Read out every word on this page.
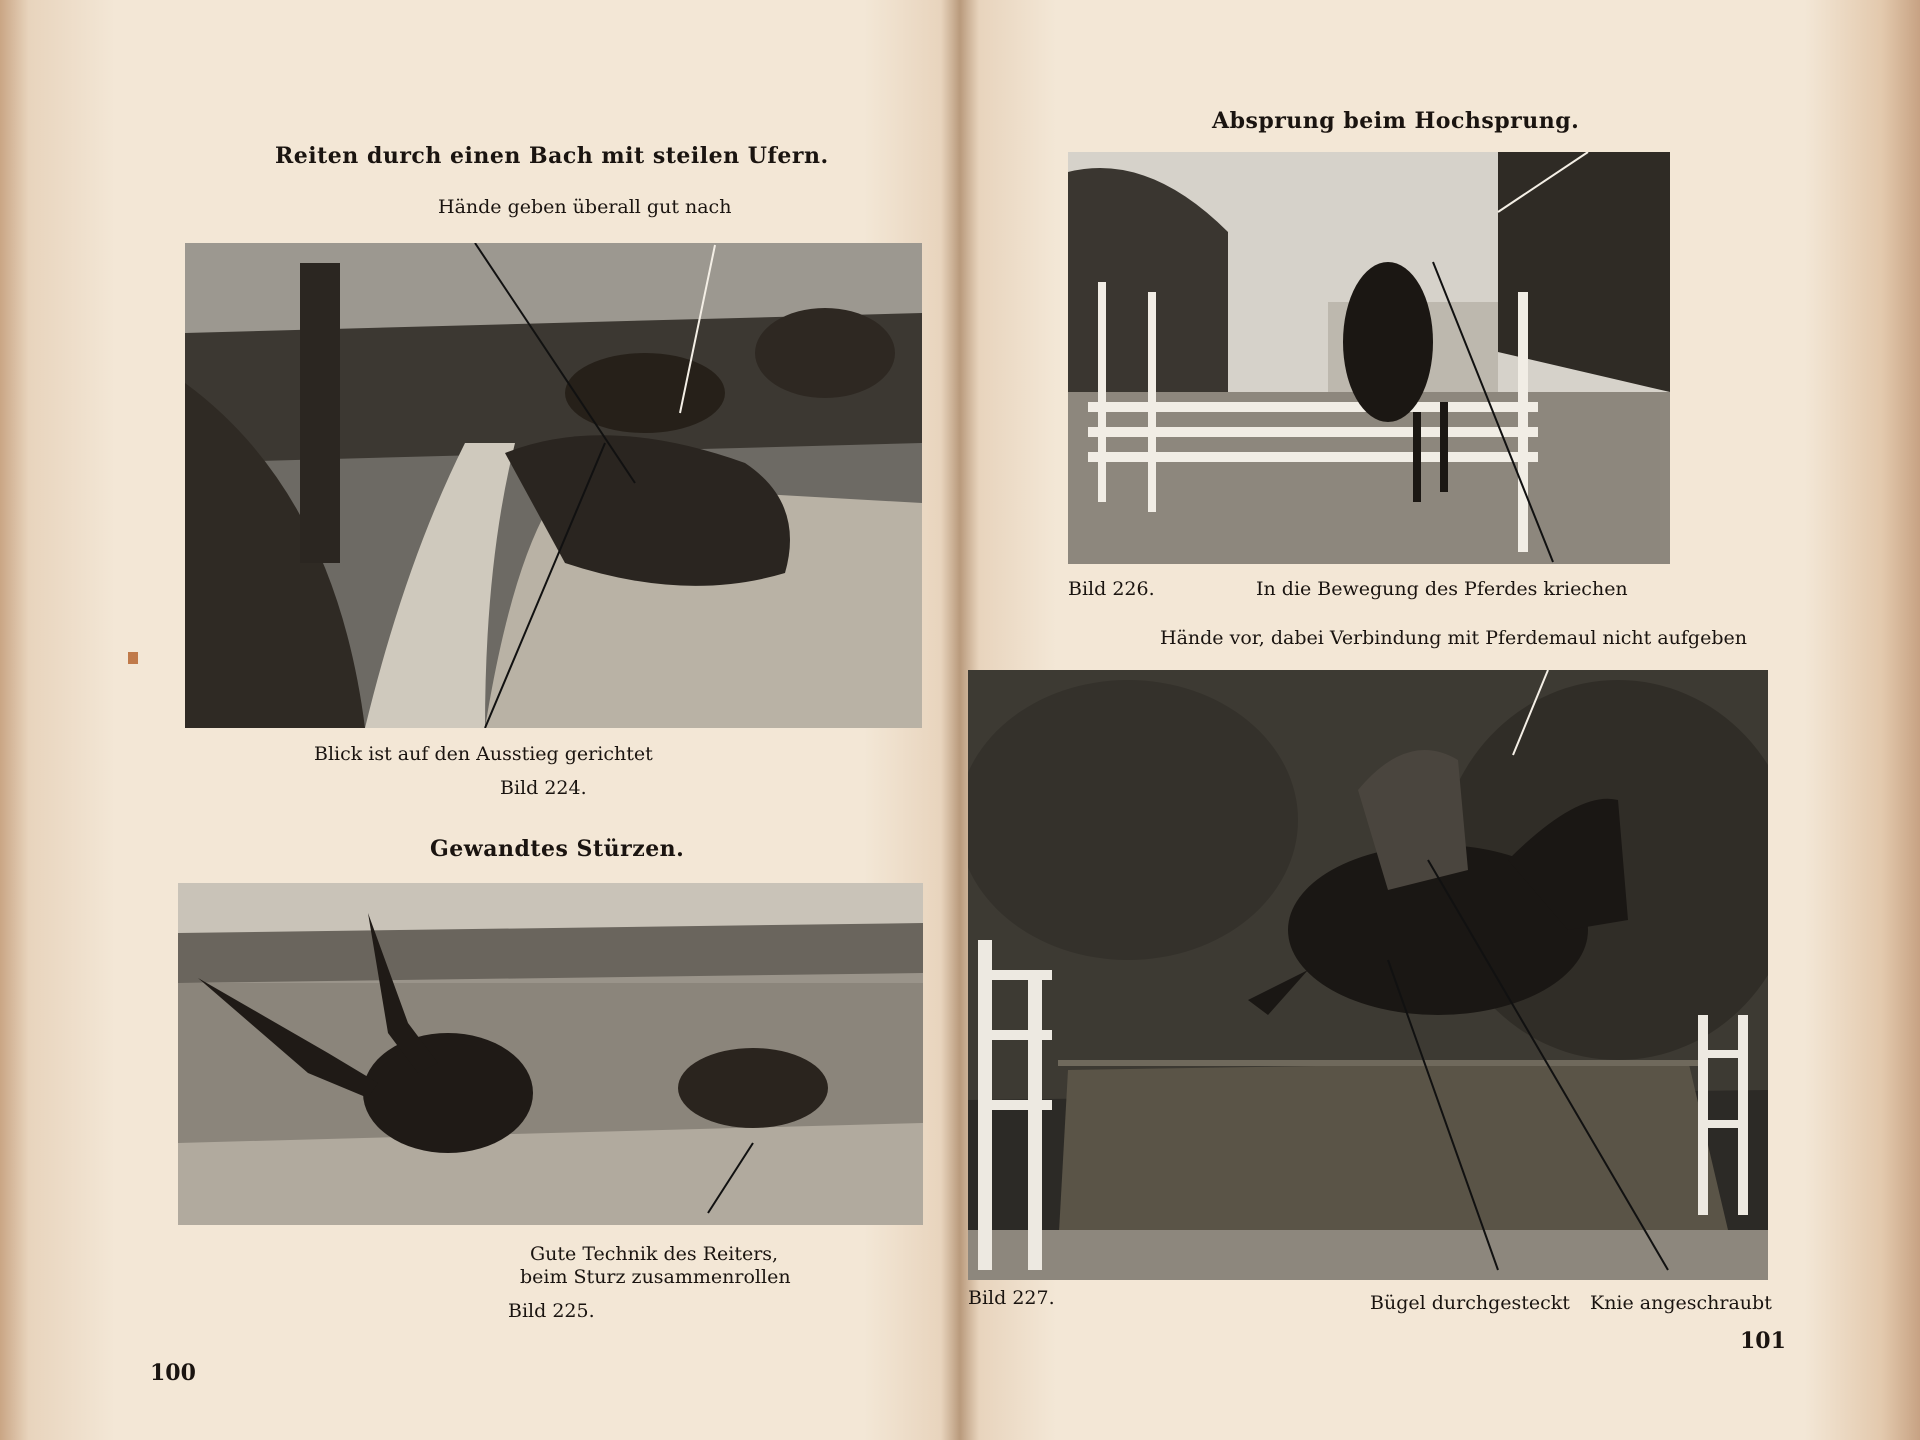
Reiten durch einen Bach mit steilen Ufern.
Hände geben überall gut nach
Blick ist auf den Ausstieg gerichtet
Bild 224.
Gewandtes Stürzen.
Gute Technik des Reiters,
beim Sturz zusammenrollen
Bild 225.
100
Absprung beim Hochsprung.
Bild 226.	In die Bewegung des Pferdes kriechen
Hände vor, dabei Verbindung mit Pferdemaul nicht aufgeben
Bild 227.	Bügel durchgesteckt Knie angeschraubt
101
